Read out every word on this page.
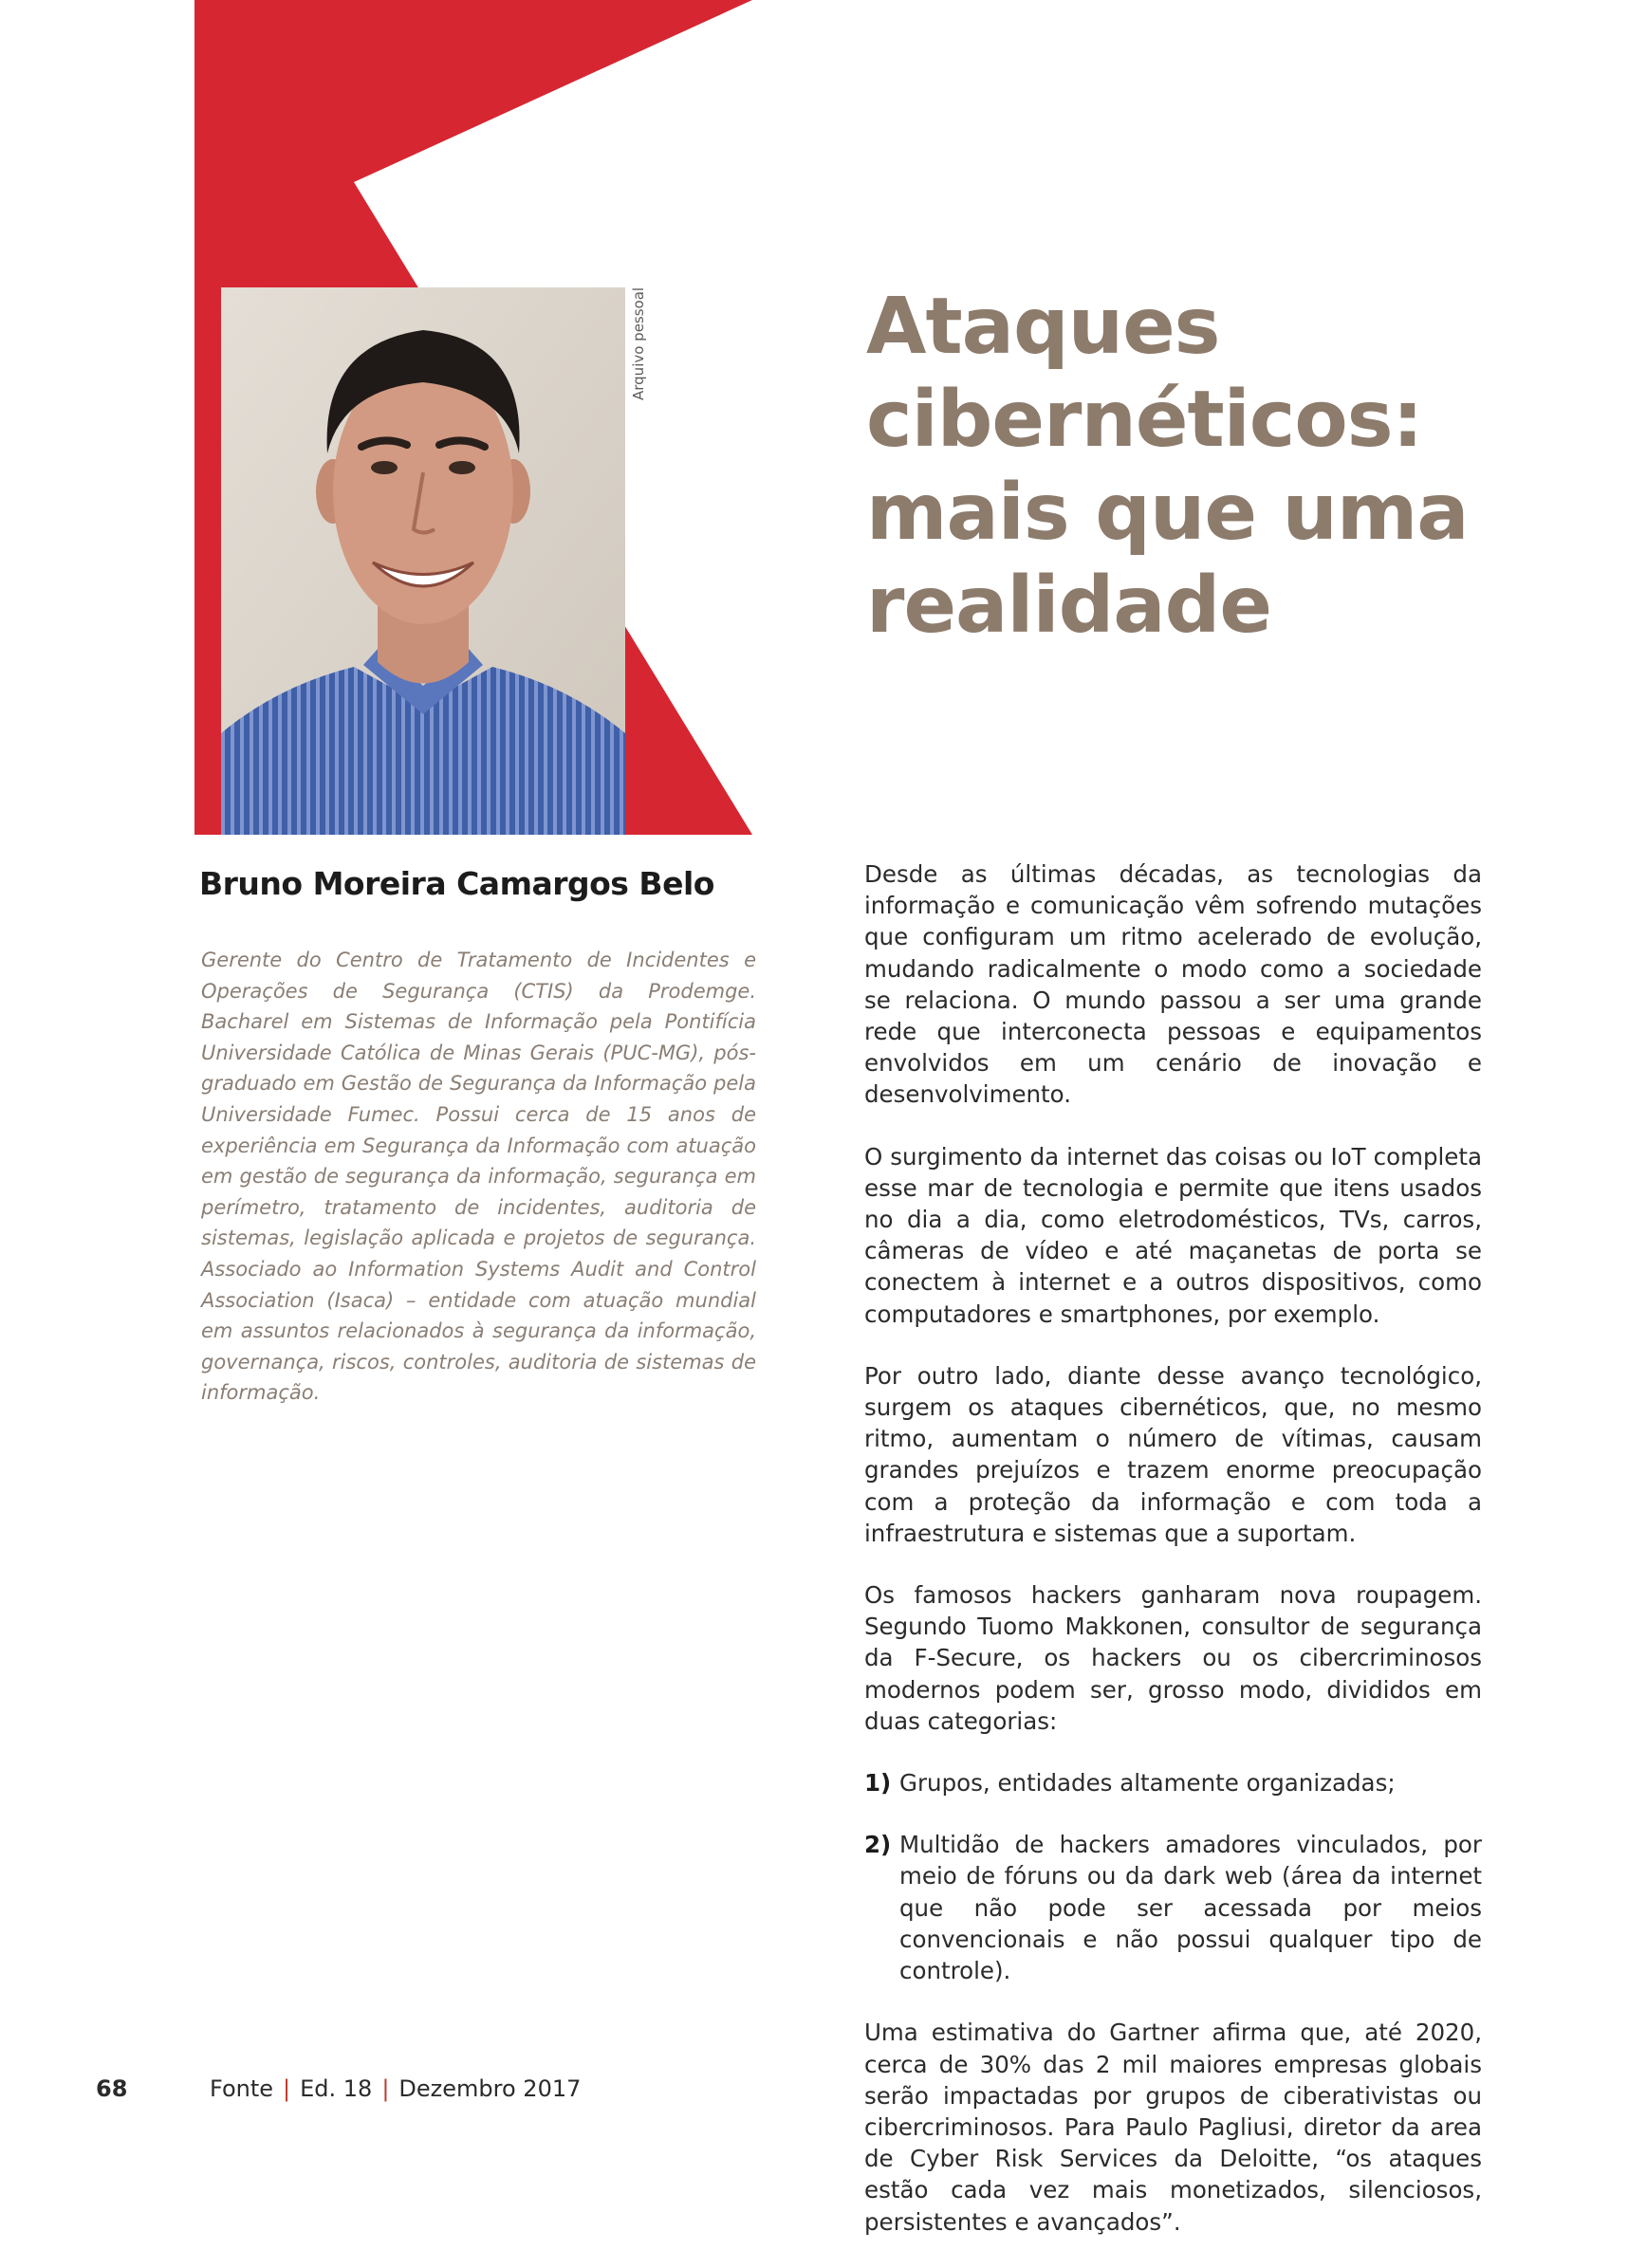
Arquivo pessoal	Ataques
cibernéticos:
mais que uma
realidade
Bruno Moreira Camargos Belo

Gerente do Centro de Tratamento de Incidentes e Operações de Segurança (CTIS) da Prodemge. Bacharel em Sistemas de Informação pela Pontifícia Universidade Católica de Minas Gerais (PUC-MG), pós-graduado em Gestão de Segurança da Informação pela Universidade Fumec. Possui cerca de 15 anos de experiência em Segurança da Informação com atuação em gestão de segurança da informação, segurança em perímetro, tratamento de incidentes, auditoria de sistemas, legislação aplicada e projetos de segurança. Associado ao Information Systems Audit and Control Association (Isaca) – entidade com atuação mundial em assuntos relacionados à segurança da informação, governança, riscos, controles, auditoria de sistemas de informação.

Desde as últimas décadas, as tecnologias da informação e comunicação vêm sofrendo mutações que configuram um ritmo acelerado de evolução, mudando radicalmente o modo como a sociedade se relaciona. O mundo passou a ser uma grande rede que interconecta pessoas e equipamentos envolvidos em um cenário de inovação e desenvolvimento.

O surgimento da internet das coisas ou IoT completa esse mar de tecnologia e permite que itens usados no dia a dia, como eletrodomésticos, TVs, carros, câmeras de vídeo e até maçanetas de porta se conectem à internet e a outros dispositivos, como computadores e smartphones, por exemplo.

Por outro lado, diante desse avanço tecnológico, surgem os ataques cibernéticos, que, no mesmo ritmo, aumentam o número de vítimas, causam grandes prejuízos e trazem enorme preocupação com a proteção da informação e com toda a infraestrutura e sistemas que a suportam.

Os famosos hackers ganharam nova roupagem. Segundo Tuomo Makkonen, consultor de segurança da F-Secure, os hackers ou os cibercriminosos modernos podem ser, grosso modo, divididos em duas categorias:

1) Grupos, entidades altamente organizadas;
2) Multidão de hackers amadores vinculados, por meio de fóruns ou da dark web (área da internet que não pode ser acessada por meios convencionais e não possui qualquer tipo de controle).

Uma estimativa do Gartner afirma que, até 2020, cerca de 30% das 2 mil maiores empresas globais serão impactadas por grupos de ciberativistas ou cibercriminosos. Para Paulo Pagliusi, diretor da area de Cyber Risk Services da Deloitte, “os ataques estão cada vez mais monetizados, silenciosos, persistentes e avançados”.

68	Fonte | Ed. 18 | Dezembro 2017
